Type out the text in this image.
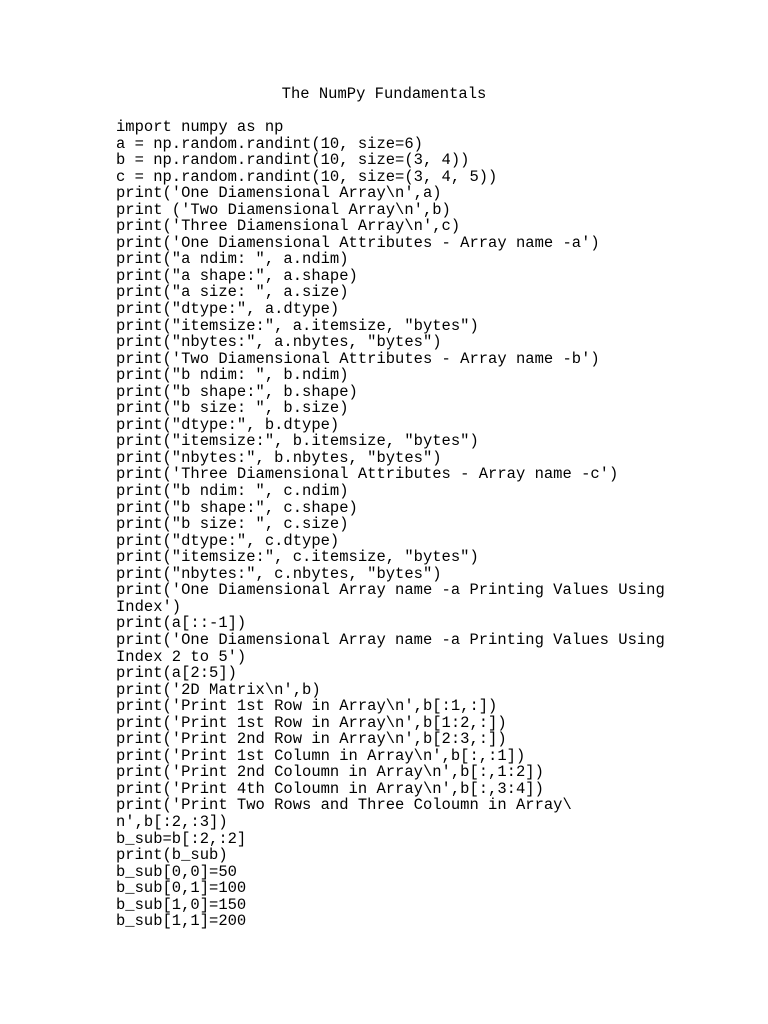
The NumPy Fundamentals
import numpy as np
a = np.random.randint(10, size=6)
b = np.random.randint(10, size=(3, 4))
c = np.random.randint(10, size=(3, 4, 5))
print('One Diamensional Array\n',a)
print ('Two Diamensional Array\n',b)
print('Three Diamensional Array\n',c)
print('One Diamensional Attributes - Array name -a')
print("a ndim: ", a.ndim)
print("a shape:", a.shape)
print("a size: ", a.size)
print("dtype:", a.dtype)
print("itemsize:", a.itemsize, "bytes")
print("nbytes:", a.nbytes, "bytes")
print('Two Diamensional Attributes - Array name -b')
print("b ndim: ", b.ndim)
print("b shape:", b.shape)
print("b size: ", b.size)
print("dtype:", b.dtype)
print("itemsize:", b.itemsize, "bytes")
print("nbytes:", b.nbytes, "bytes")
print('Three Diamensional Attributes - Array name -c')
print("b ndim: ", c.ndim)
print("b shape:", c.shape)
print("b size: ", c.size)
print("dtype:", c.dtype)
print("itemsize:", c.itemsize, "bytes")
print("nbytes:", c.nbytes, "bytes")
print('One Diamensional Array name -a Printing Values Using
Index')
print(a[::-1])
print('One Diamensional Array name -a Printing Values Using
Index 2 to 5')
print(a[2:5])
print('2D Matrix\n',b)
print('Print 1st Row in Array\n',b[:1,:])
print('Print 1st Row in Array\n',b[1:2,:])
print('Print 2nd Row in Array\n',b[2:3,:])
print('Print 1st Column in Array\n',b[:,:1])
print('Print 2nd Coloumn in Array\n',b[:,1:2])
print('Print 4th Coloumn in Array\n',b[:,3:4])
print('Print Two Rows and Three Coloumn in Array\
n',b[:2,:3])
b_sub=b[:2,:2]
print(b_sub)
b_sub[0,0]=50
b_sub[0,1]=100
b_sub[1,0]=150
b_sub[1,1]=200
